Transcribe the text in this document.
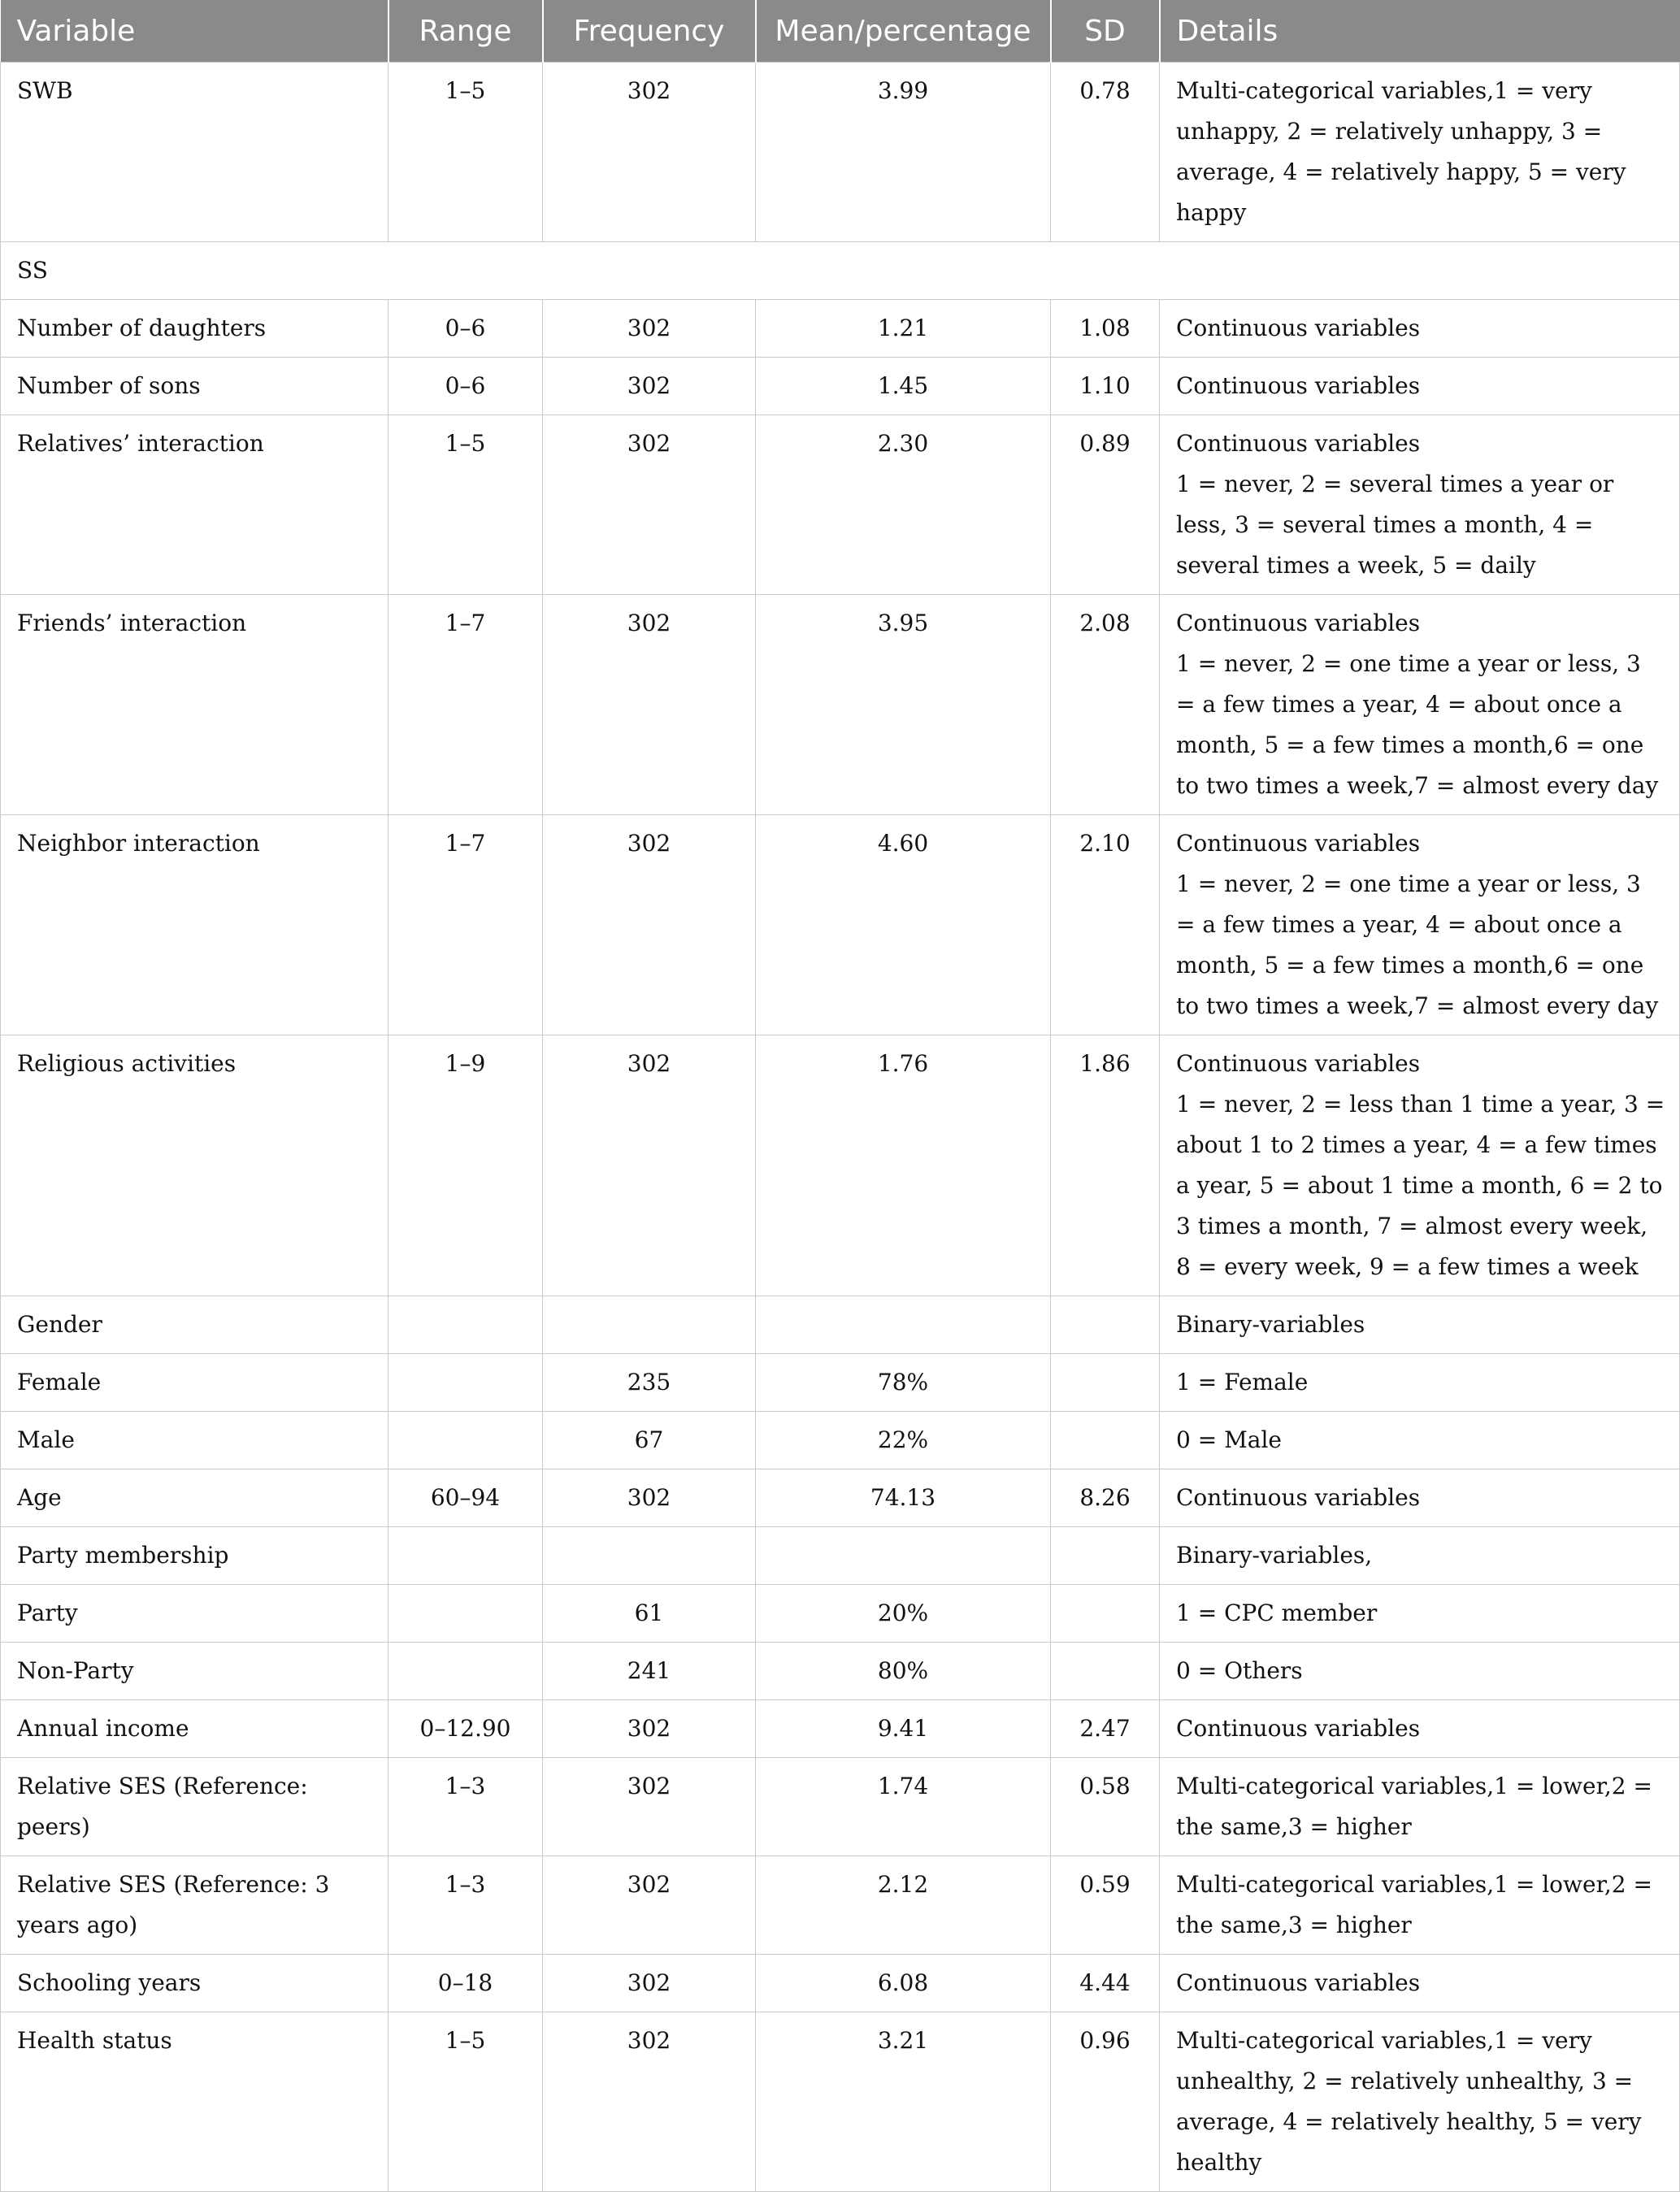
Variable	Range	Frequency	Mean/percentage	SD	Details
SWB	1–5	302	3.99	0.78	Multi-categorical variables,1 = very unhappy, 2 = relatively unhappy, 3 = average, 4 = relatively happy, 5 = very happy
SS					
Number of daughters	0–6	302	1.21	1.08	Continuous variables
Number of sons	0–6	302	1.45	1.10	Continuous variables
Relatives’ interaction	1–5	302	2.30	0.89	Continuous variables
1 = never, 2 = several times a year or less, 3 = several times a month, 4 = several times a week, 5 = daily

Friends’ interaction	1–7	302	3.95	2.08	Continuous variables
1 = never, 2 = one time a year or less, 3 = a few times a year, 4 = about once a month, 5 = a few times a month,6 = one to two times a week,7 = almost every day

Neighbor interaction	1–7	302	4.60	2.10	Continuous variables
1 = never, 2 = one time a year or less, 3 = a few times a year, 4 = about once a month, 5 = a few times a month,6 = one to two times a week,7 = almost every day

Religious activities	1–9	302	1.76	1.86	Continuous variables
1 = never, 2 = less than 1 time a year, 3 = about 1 to 2 times a year, 4 = a few times a year, 5 = about 1 time a month, 6 = 2 to 3 times a month, 7 = almost every week, 8 = every week, 9 = a few times a week

Gender					Binary-variables
Female		235	78%		1 = Female
Male		67	22%		0 = Male
Age	60–94	302	74.13	8.26	Continuous variables
Party membership					Binary-variables,
Party		61	20%		1 = CPC member
Non-Party		241	80%		0 = Others
Annual income	0–12.90	302	9.41	2.47	Continuous variables
Relative SES (Reference: peers)	1–3	302	1.74	0.58	Multi-categorical variables,1 = lower,2 = the same,3 = higher
Relative SES (Reference: 3 years ago)	1–3	302	2.12	0.59	Multi-categorical variables,1 = lower,2 = the same,3 = higher
Schooling years	0–18	302	6.08	4.44	Continuous variables
Health status	1–5	302	3.21	0.96	Multi-categorical variables,1 = very unhealthy, 2 = relatively unhealthy, 3 = average, 4 = relatively healthy, 5 = very healthy
